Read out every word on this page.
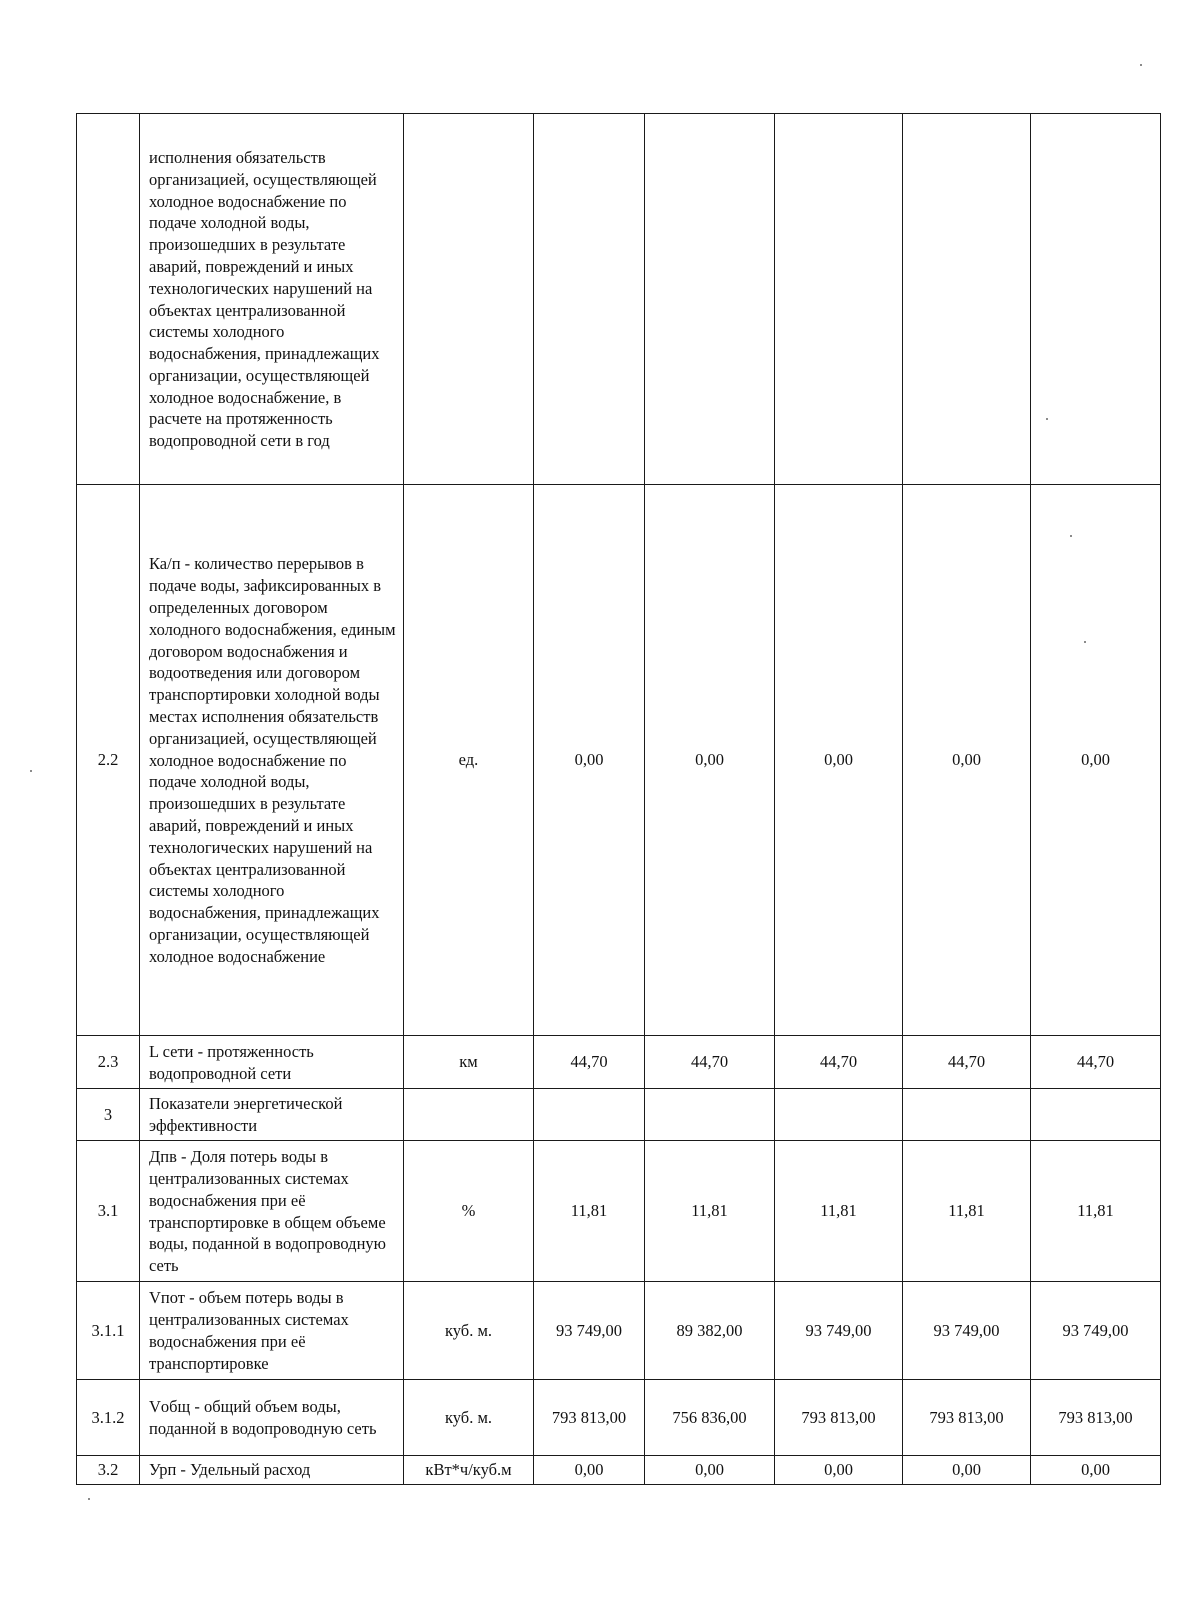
	исполнения обязательств организацией, осуществляющей холодное водоснабжение по подаче холодной воды, произошедших в результате аварий, повреждений и иных технологических нарушений на объектах централизованной системы холодного водоснабжения, принадлежащих организации, осуществляющей холодное водоснабжение, в расчете на протяженность водопроводной сети в год						
2.2	Ка/п - количество перерывов в подаче воды, зафиксированных в определенных договором холодного водоснабжения, единым договором водоснабжения и водоотведения или договором транспортировки холодной воды местах исполнения обязательств организацией, осуществляющей холодное водоснабжение по подаче холодной воды, произошедших в результате аварий, повреждений и иных технологических нарушений на объектах централизованной системы холодного водоснабжения, принадлежащих организации, осуществляющей холодное водоснабжение	ед.	0,00	0,00	0,00	0,00	0,00
2.3	L сети - протяженность водопроводной сети	км	44,70	44,70	44,70	44,70	44,70
3	Показатели энергетической эффективности						
3.1	Дпв - Доля потерь воды в централизованных системах водоснабжения при её транспортировке в общем объеме воды, поданной в водопроводную сеть	%	11,81	11,81	11,81	11,81	11,81
3.1.1	Vпот - объем потерь воды в централизованных системах водоснабжения при её транспортировке	куб. м.	93 749,00	89 382,00	93 749,00	93 749,00	93 749,00
3.1.2	Vобщ - общий объем воды, поданной в водопроводную сеть	куб. м.	793 813,00	756 836,00	793 813,00	793 813,00	793 813,00
3.2	Урп - Удельный расход	кВт*ч/куб.м	0,00	0,00	0,00	0,00	0,00
